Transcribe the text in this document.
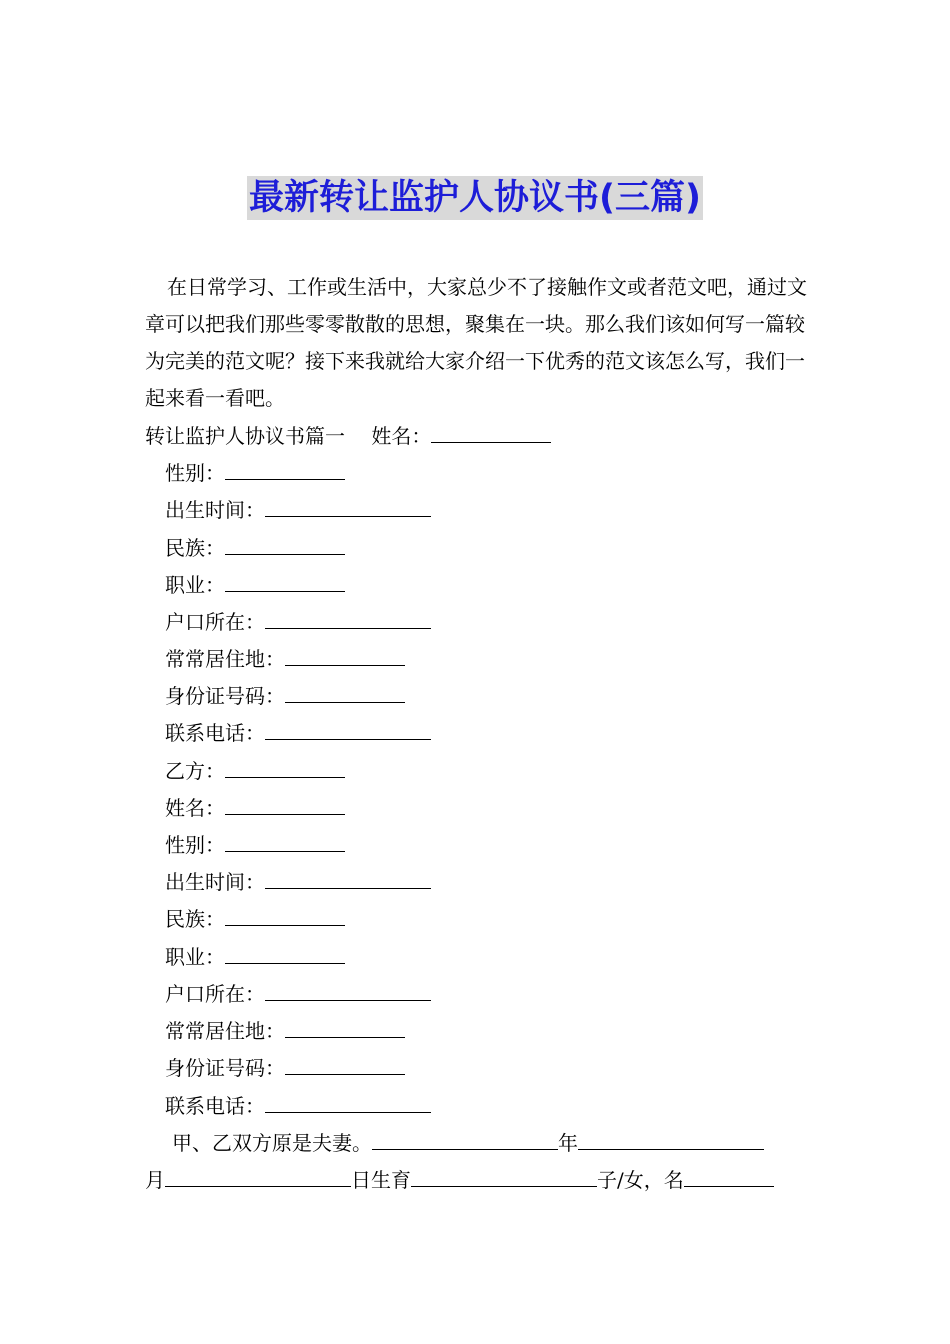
最新转让监护人协议书(三篇)

在日常学习、工作或生活中，大家总少不了接触作文或者范文吧，通过文章可以把我们那些零零散散的思想，聚集在一块。那么我们该如何写一篇较为完美的范文呢？接下来我就给大家介绍一下优秀的范文该怎么写，我们一起来看一看吧。

转让监护人协议书篇一　 姓名：
性别：
出生时间：
民族：
职业：
户口所在：
常常居住地：
身份证号码：
联系电话：
乙方：
姓名：
性别：
出生时间：
民族：
职业：
户口所在：
常常居住地：
身份证号码：
联系电话：
甲、乙双方原是夫妻。	年
月	日生育	子/女，名
